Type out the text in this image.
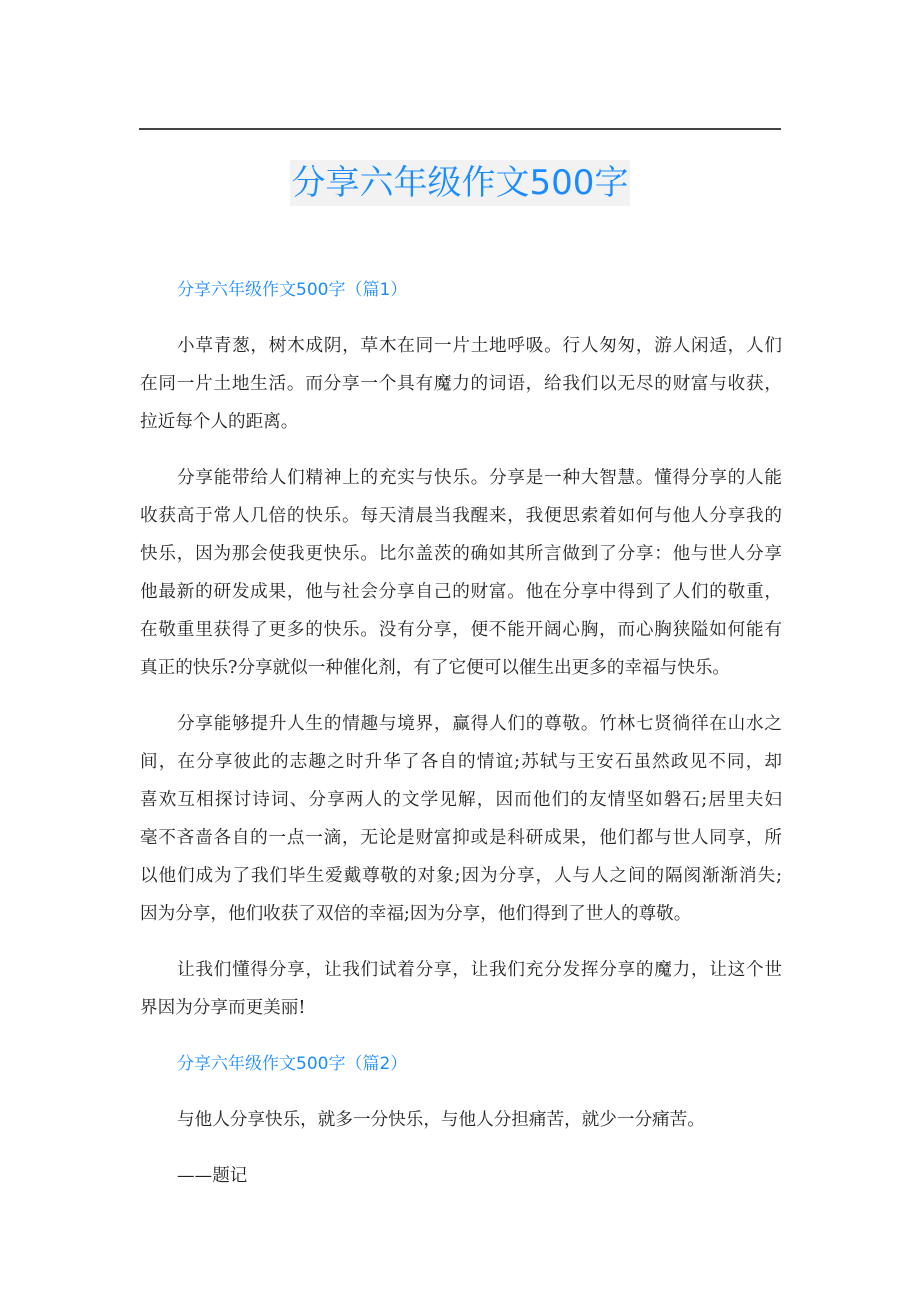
分享六年级作文500字
分享六年级作文500字（篇1）
小草青葱，树木成阴，草木在同一片土地呼吸。行人匆匆，游人闲适，人们
在同一片土地生活。而分享一个具有魔力的词语，给我们以无尽的财富与收获，
拉近每个人的距离。
分享能带给人们精神上的充实与快乐。分享是一种大智慧。懂得分享的人能
收获高于常人几倍的快乐。每天清晨当我醒来，我便思索着如何与他人分享我的
快乐，因为那会使我更快乐。比尔盖茨的确如其所言做到了分享：他与世人分享
他最新的研发成果，他与社会分享自己的财富。他在分享中得到了人们的敬重，
在敬重里获得了更多的快乐。没有分享，便不能开阔心胸，而心胸狭隘如何能有
真正的快乐?分享就似一种催化剂，有了它便可以催生出更多的幸福与快乐。
分享能够提升人生的情趣与境界，赢得人们的尊敬。竹林七贤徜徉在山水之
间，在分享彼此的志趣之时升华了各自的情谊;苏轼与王安石虽然政见不同，却
喜欢互相探讨诗词、分享两人的文学见解，因而他们的友情坚如磐石;居里夫妇
毫不吝啬各自的一点一滴，无论是财富抑或是科研成果，他们都与世人同享，所
以他们成为了我们毕生爱戴尊敬的对象;因为分享，人与人之间的隔阂渐渐消失;
因为分享，他们收获了双倍的幸福;因为分享，他们得到了世人的尊敬。
让我们懂得分享，让我们试着分享，让我们充分发挥分享的魔力，让这个世
界因为分享而更美丽!
分享六年级作文500字（篇2）
与他人分享快乐，就多一分快乐，与他人分担痛苦，就少一分痛苦。
——题记
